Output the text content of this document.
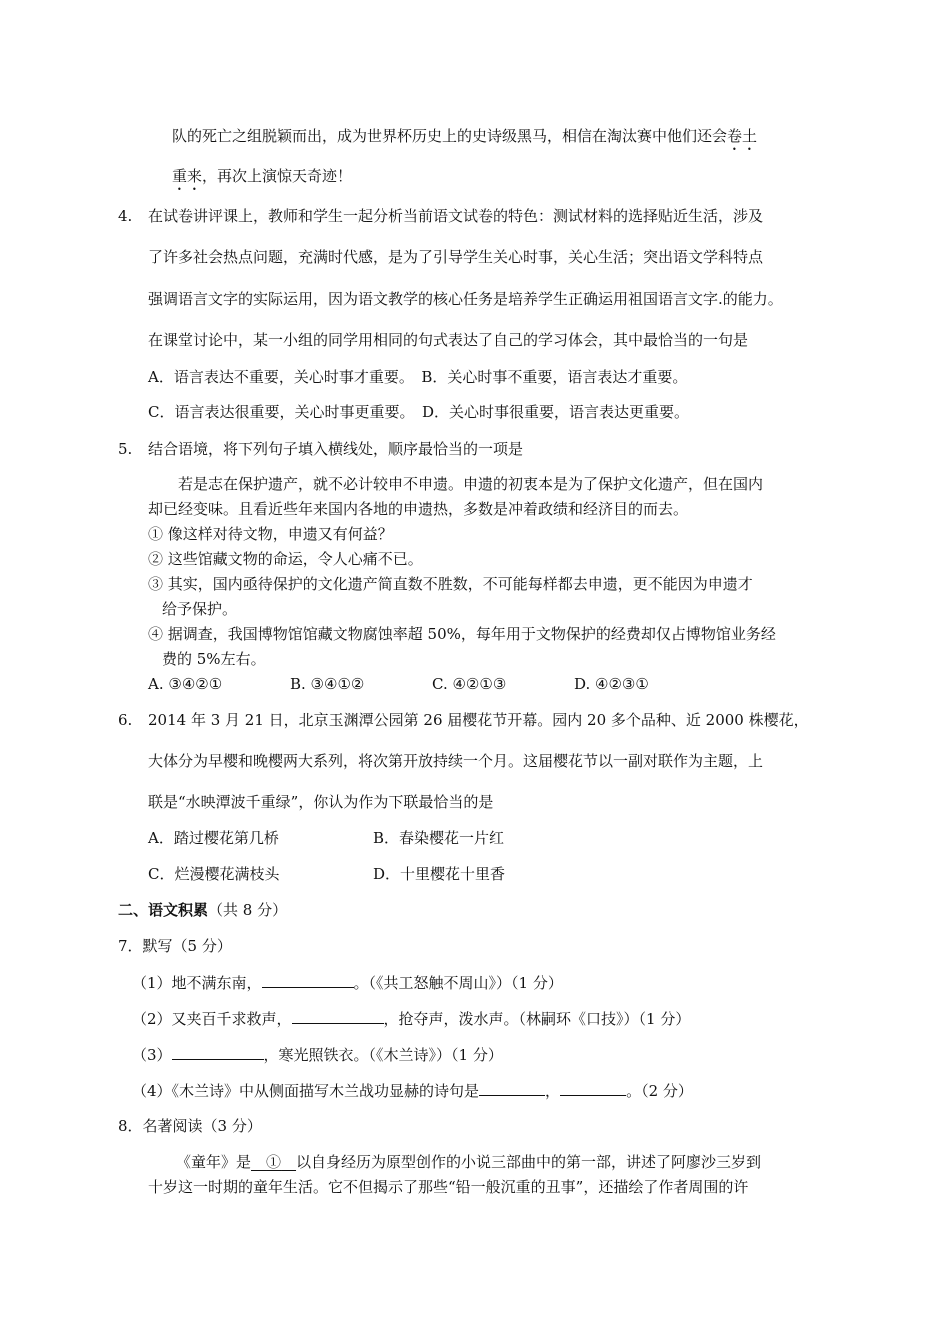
队的死亡之组脱颖而出，成为世界杯历史上的史诗级黑马，相信在淘汰赛中他们还会卷土
重来，再次上演惊天奇迹！
4. 在试卷讲评课上，教师和学生一起分析当前语文试卷的特色：测试材料的选择贴近生活，涉及
了许多社会热点问题，充满时代感，是为了引导学生关心时事，关心生活；突出语文学科特点
强调语言文字的实际运用，因为语文教学的核心任务是培养学生正确运用祖国语言文字.的能力。
在课堂讨论中，某一小组的同学用相同的句式表达了自己的学习体会，其中最恰当的一句是
A．语言表达不重要，关心时事才重要。　B．关心时事不重要，语言表达才重要。
C．语言表达很重要，关心时事更重要。　D．关心时事很重要，语言表达更重要。
5. 结合语境，将下列句子填入横线处，顺序最恰当的一项是
若是志在保护遗产，就不必计较申不申遗。申遗的初衷本是为了保护文化遗产，但在国内
却已经变味。且看近些年来国内各地的申遗热，多数是冲着政绩和经济目的而去。
① 像这样对待文物，申遗又有何益？
② 这些馆藏文物的命运，令人心痛不已。
③ 其实，国内亟待保护的文化遗产简直数不胜数，不可能每样都去申遗，更不能因为申遗才
给予保护。
④ 据调查，我国博物馆馆藏文物腐蚀率超 50%，每年用于文物保护的经费却仅占博物馆业务经
费的 5%左右。
A. ③④②①	B. ③④①②	C. ④②①③	D. ④②③①
6. 2014 年 3 月 21 日，北京玉渊潭公园第 26 届樱花节开幕。园内 20 多个品种、近 2000 株樱花，
大体分为早樱和晚樱两大系列，将次第开放持续一个月。这届樱花节以一副对联作为主题，上
联是“水映潭波千重绿”，你认为作为下联最恰当的是
A．踏过樱花第几桥	B．春染樱花一片红
C．烂漫樱花满枝头	D．十里樱花十里香
二、语文积累（共 8 分）
7．默写（5 分）
（1）地不满东南，	。（《共工怒触不周山》）（1 分）
（2）又夹百千求救声，	，抢夺声，泼水声。（林嗣环《口技》）（1 分）
（3）	，寒光照铁衣。（《木兰诗》）（1 分）
（4）《木兰诗》中从侧面描写木兰战功显赫的诗句是	，	。（2 分）
8．名著阅读（3 分）
《童年》是  ①  以自身经历为原型创作的小说三部曲中的第一部，讲述了阿廖沙三岁到
十岁这一时期的童年生活。它不但揭示了那些“铅一般沉重的丑事”，还描绘了作者周围的许
